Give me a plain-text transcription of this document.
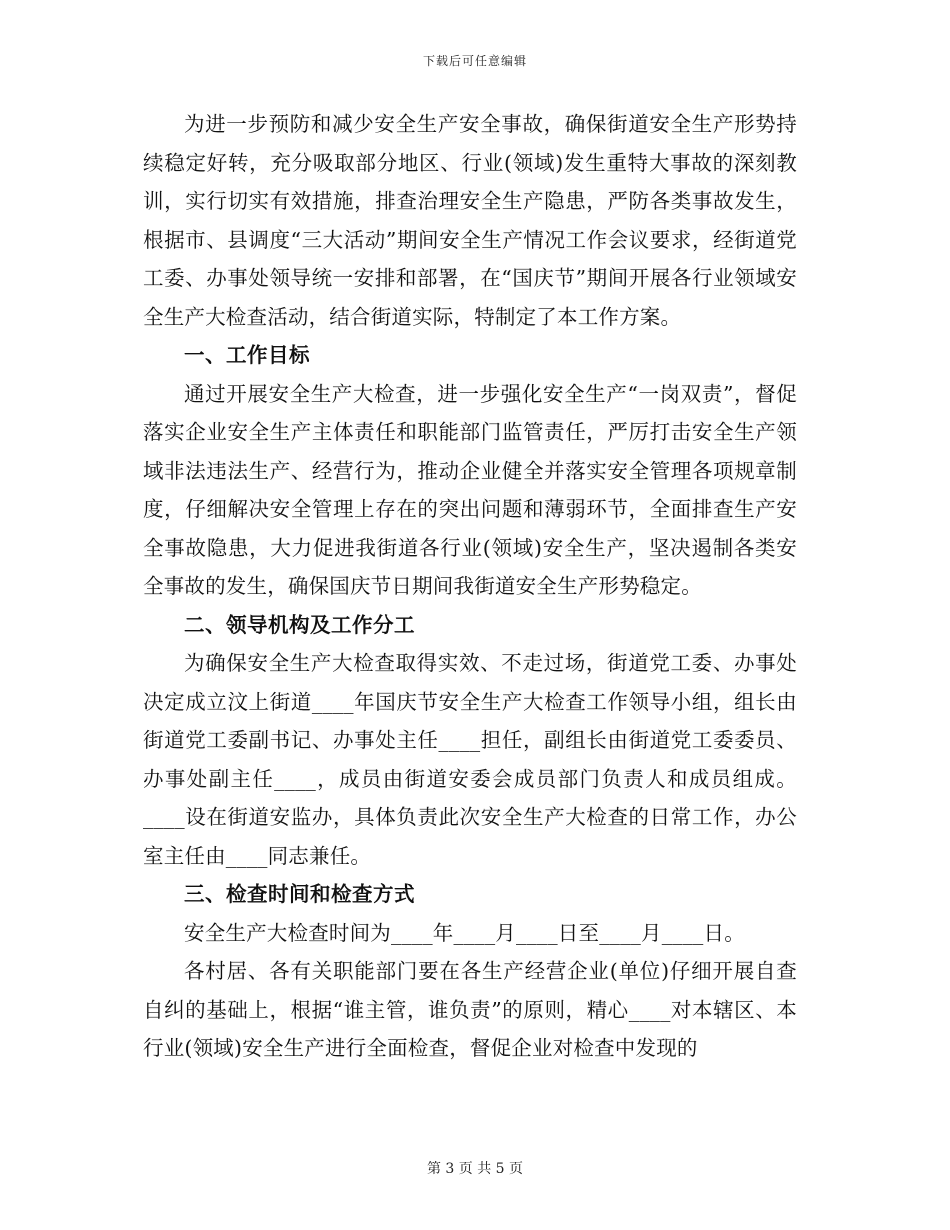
下载后可任意编辑

为进一步预防和减少安全生产安全事故，确保街道安全生产形势持续稳定好转，充分吸取部分地区、行业(领域)发生重特大事故的深刻教训，实行切实有效措施，排查治理安全生产隐患，严防各类事故发生，根据市、县调度“三大活动”期间安全生产情况工作会议要求，经街道党工委、办事处领导统一安排和部署，在“国庆节”期间开展各行业领域安全生产大检查活动，结合街道实际，特制定了本工作方案。

一、工作目标

通过开展安全生产大检查，进一步强化安全生产“一岗双责”，督促落实企业安全生产主体责任和职能部门监管责任，严厉打击安全生产领域非法违法生产、经营行为，推动企业健全并落实安全管理各项规章制度，仔细解决安全管理上存在的突出问题和薄弱环节，全面排查生产安全事故隐患，大力促进我街道各行业(领域)安全生产，坚决遏制各类安全事故的发生，确保国庆节日期间我街道安全生产形势稳定。

二、领导机构及工作分工

为确保安全生产大检查取得实效、不走过场，街道党工委、办事处决定成立汶上街道____年国庆节安全生产大检查工作领导小组，组长由街道党工委副书记、办事处主任____担任，副组长由街道党工委委员、办事处副主任____，成员由街道安委会成员部门负责人和成员组成。____设在街道安监办，具体负责此次安全生产大检查的日常工作，办公室主任由____同志兼任。

三、检查时间和检查方式

安全生产大检查时间为____年____月____日至____月____日。

各村居、各有关职能部门要在各生产经营企业(单位)仔细开展自查自纠的基础上，根据“谁主管，谁负责”的原则，精心____对本辖区、本行业(领域)安全生产进行全面检查，督促企业对检查中发现的

第 3 页 共 5 页
